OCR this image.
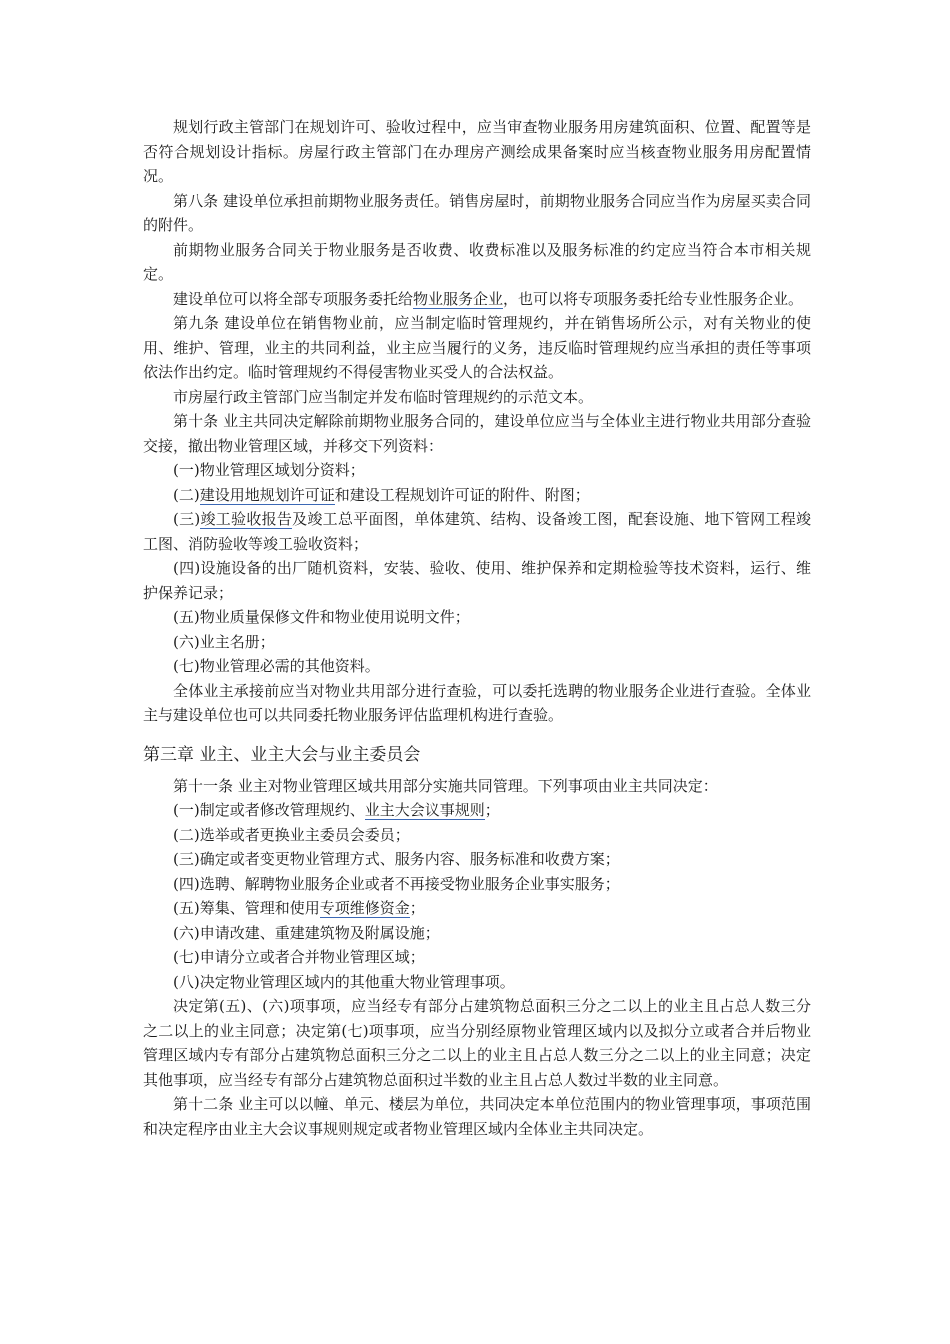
规划行政主管部门在规划许可、验收过程中，应当审查物业服务用房建筑面积、位置、配置等是否符合规划设计指标。房屋行政主管部门在办理房产测绘成果备案时应当核查物业服务用房配置情况。

第八条 建设单位承担前期物业服务责任。销售房屋时，前期物业服务合同应当作为房屋买卖合同的附件。

前期物业服务合同关于物业服务是否收费、收费标准以及服务标准的约定应当符合本市相关规定。

建设单位可以将全部专项服务委托给物业服务企业，也可以将专项服务委托给专业性服务企业。

第九条 建设单位在销售物业前，应当制定临时管理规约，并在销售场所公示，对有关物业的使用、维护、管理，业主的共同利益，业主应当履行的义务，违反临时管理规约应当承担的责任等事项依法作出约定。临时管理规约不得侵害物业买受人的合法权益。

市房屋行政主管部门应当制定并发布临时管理规约的示范文本。

第十条 业主共同决定解除前期物业服务合同的，建设单位应当与全体业主进行物业共用部分查验交接，撤出物业管理区域，并移交下列资料：

(一)物业管理区域划分资料；

(二)建设用地规划许可证和建设工程规划许可证的附件、附图；

(三)竣工验收报告及竣工总平面图，单体建筑、结构、设备竣工图，配套设施、地下管网工程竣工图、消防验收等竣工验收资料；

(四)设施设备的出厂随机资料，安装、验收、使用、维护保养和定期检验等技术资料，运行、维护保养记录；

(五)物业质量保修文件和物业使用说明文件；

(六)业主名册；

(七)物业管理必需的其他资料。

全体业主承接前应当对物业共用部分进行查验，可以委托选聘的物业服务企业进行查验。全体业主与建设单位也可以共同委托物业服务评估监理机构进行查验。

第三章 业主、业主大会与业主委员会

第十一条 业主对物业管理区域共用部分实施共同管理。下列事项由业主共同决定：

(一)制定或者修改管理规约、业主大会议事规则；

(二)选举或者更换业主委员会委员；

(三)确定或者变更物业管理方式、服务内容、服务标准和收费方案；

(四)选聘、解聘物业服务企业或者不再接受物业服务企业事实服务；

(五)筹集、管理和使用专项维修资金；

(六)申请改建、重建建筑物及附属设施；

(七)申请分立或者合并物业管理区域；

(八)决定物业管理区域内的其他重大物业管理事项。

决定第(五)、(六)项事项，应当经专有部分占建筑物总面积三分之二以上的业主且占总人数三分之二以上的业主同意；决定第(七)项事项，应当分别经原物业管理区域内以及拟分立或者合并后物业管理区域内专有部分占建筑物总面积三分之二以上的业主且占总人数三分之二以上的业主同意；决定其他事项，应当经专有部分占建筑物总面积过半数的业主且占总人数过半数的业主同意。

第十二条 业主可以以幢、单元、楼层为单位，共同决定本单位范围内的物业管理事项，事项范围和决定程序由业主大会议事规则规定或者物业管理区域内全体业主共同决定。
